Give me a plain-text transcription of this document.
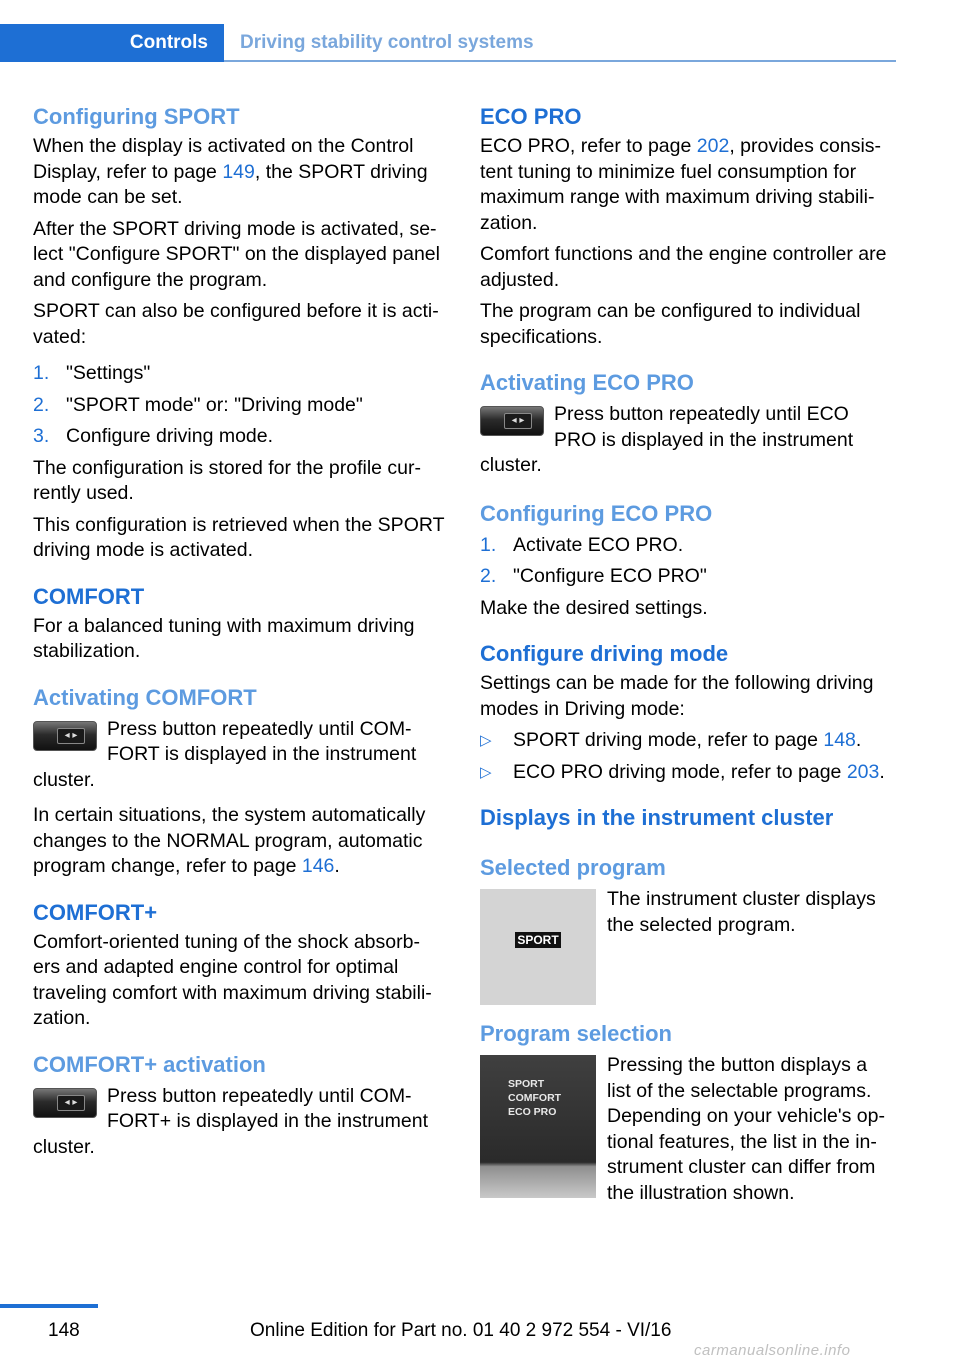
Controls	Driving stability control systems
Configuring SPORT

When the display is activated on the Control Display, refer to page 149, the SPORT driving mode can be set.

After the SPORT driving mode is activated, se-lect "Configure SPORT" on the displayed panel and configure the program.

SPORT can also be configured before it is acti-vated:

1. "Settings"
2. "SPORT mode" or: "Driving mode"
3. Configure driving mode.

The configuration is stored for the profile cur-rently used.

This configuration is retrieved when the SPORT driving mode is activated.

COMFORT

For a balanced tuning with maximum driving stabilization.

Activating COMFORT
◂ ▸	Press button repeatedly until COM-FORT is displayed in the instrument
cluster.

In certain situations, the system automatically changes to the NORMAL program, automatic program change, refer to page 146.

COMFORT+

Comfort-oriented tuning of the shock absorb-ers and adapted engine control for optimal traveling comfort with maximum driving stabili-zation.

COMFORT+ activation
◂ ▸	Press button repeatedly until COM-FORT+ is displayed in the instrument
cluster.
ECO PRO

ECO PRO, refer to page 202, provides consis-tent tuning to minimize fuel consumption for maximum range with maximum driving stabili-zation.

Comfort functions and the engine controller are adjusted.

The program can be configured to individual specifications.

Activating ECO PRO
◂ ▸	Press button repeatedly until ECO PRO is displayed in the instrument
cluster.
Configuring ECO PRO
1. Activate ECO PRO.
2. "Configure ECO PRO"

Make the desired settings.

Configure driving mode

Settings can be made for the following driving modes in Driving mode:

▷	SPORT driving mode, refer to page 148.
▷	ECO PRO driving mode, refer to page 203.
Displays in the instrument cluster
Selected program
SPORT
The instrument cluster displays the selected program.
Program selection
SPORT
COMFORT
ECO PRO
Pressing the button displays a list of the selectable programs. Depending on your vehicle's op-tional features, the list in the in-strument cluster can differ from
the illustration shown.
148	Online Edition for Part no. 01 40 2 972 554 - VI/16
carmanualsonline.info
